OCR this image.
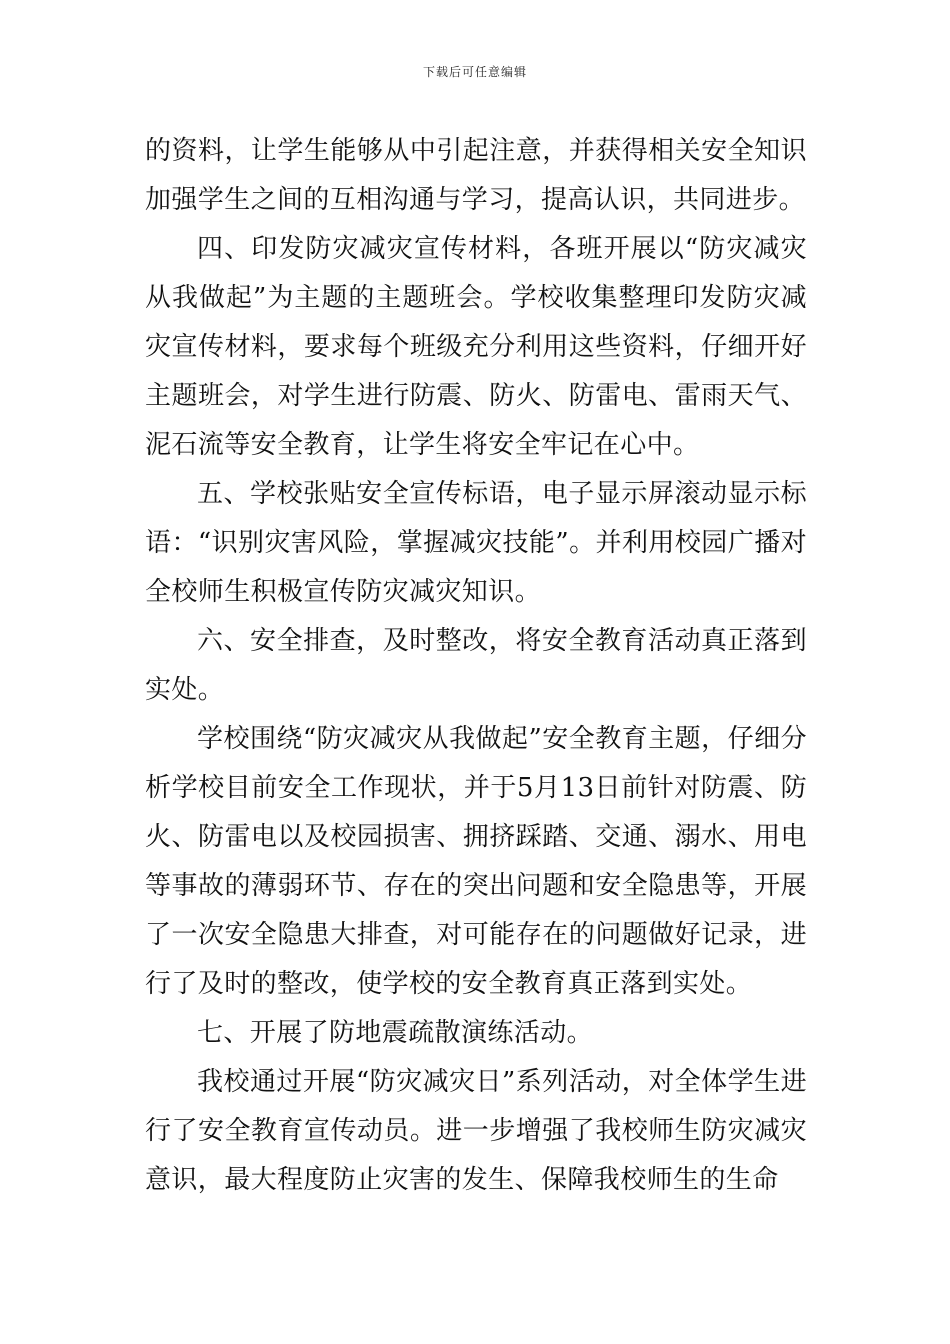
下载后可任意编辑

的资料，让学生能够从中引起注意，并获得相关安全知识加强学生之间的互相沟通与学习，提高认识，共同进步。

四、印发防灾减灾宣传材料，各班开展以“防灾减灾从我做起”为主题的主题班会。学校收集整理印发防灾减灾宣传材料，要求每个班级充分利用这些资料，仔细开好主题班会，对学生进行防震、防火、防雷电、雷雨天气、泥石流等安全教育，让学生将安全牢记在心中。

五、学校张贴安全宣传标语，电子显示屏滚动显示标语：“识别灾害风险，掌握减灾技能”。并利用校园广播对全校师生积极宣传防灾减灾知识。

六、安全排查，及时整改，将安全教育活动真正落到实处。

学校围绕“防灾减灾从我做起”安全教育主题，仔细分析学校目前安全工作现状，并于5月13日前针对防震、防火、防雷电以及校园损害、拥挤踩踏、交通、溺水、用电等事故的薄弱环节、存在的突出问题和安全隐患等，开展了一次安全隐患大排查，对可能存在的问题做好记录，进行了及时的整改，使学校的安全教育真正落到实处。

七、开展了防地震疏散演练活动。

我校通过开展“防灾减灾日”系列活动，对全体学生进行了安全教育宣传动员。进一步增强了我校师生防灾减灾意识，最大程度防止灾害的发生、保障我校师生的生命
